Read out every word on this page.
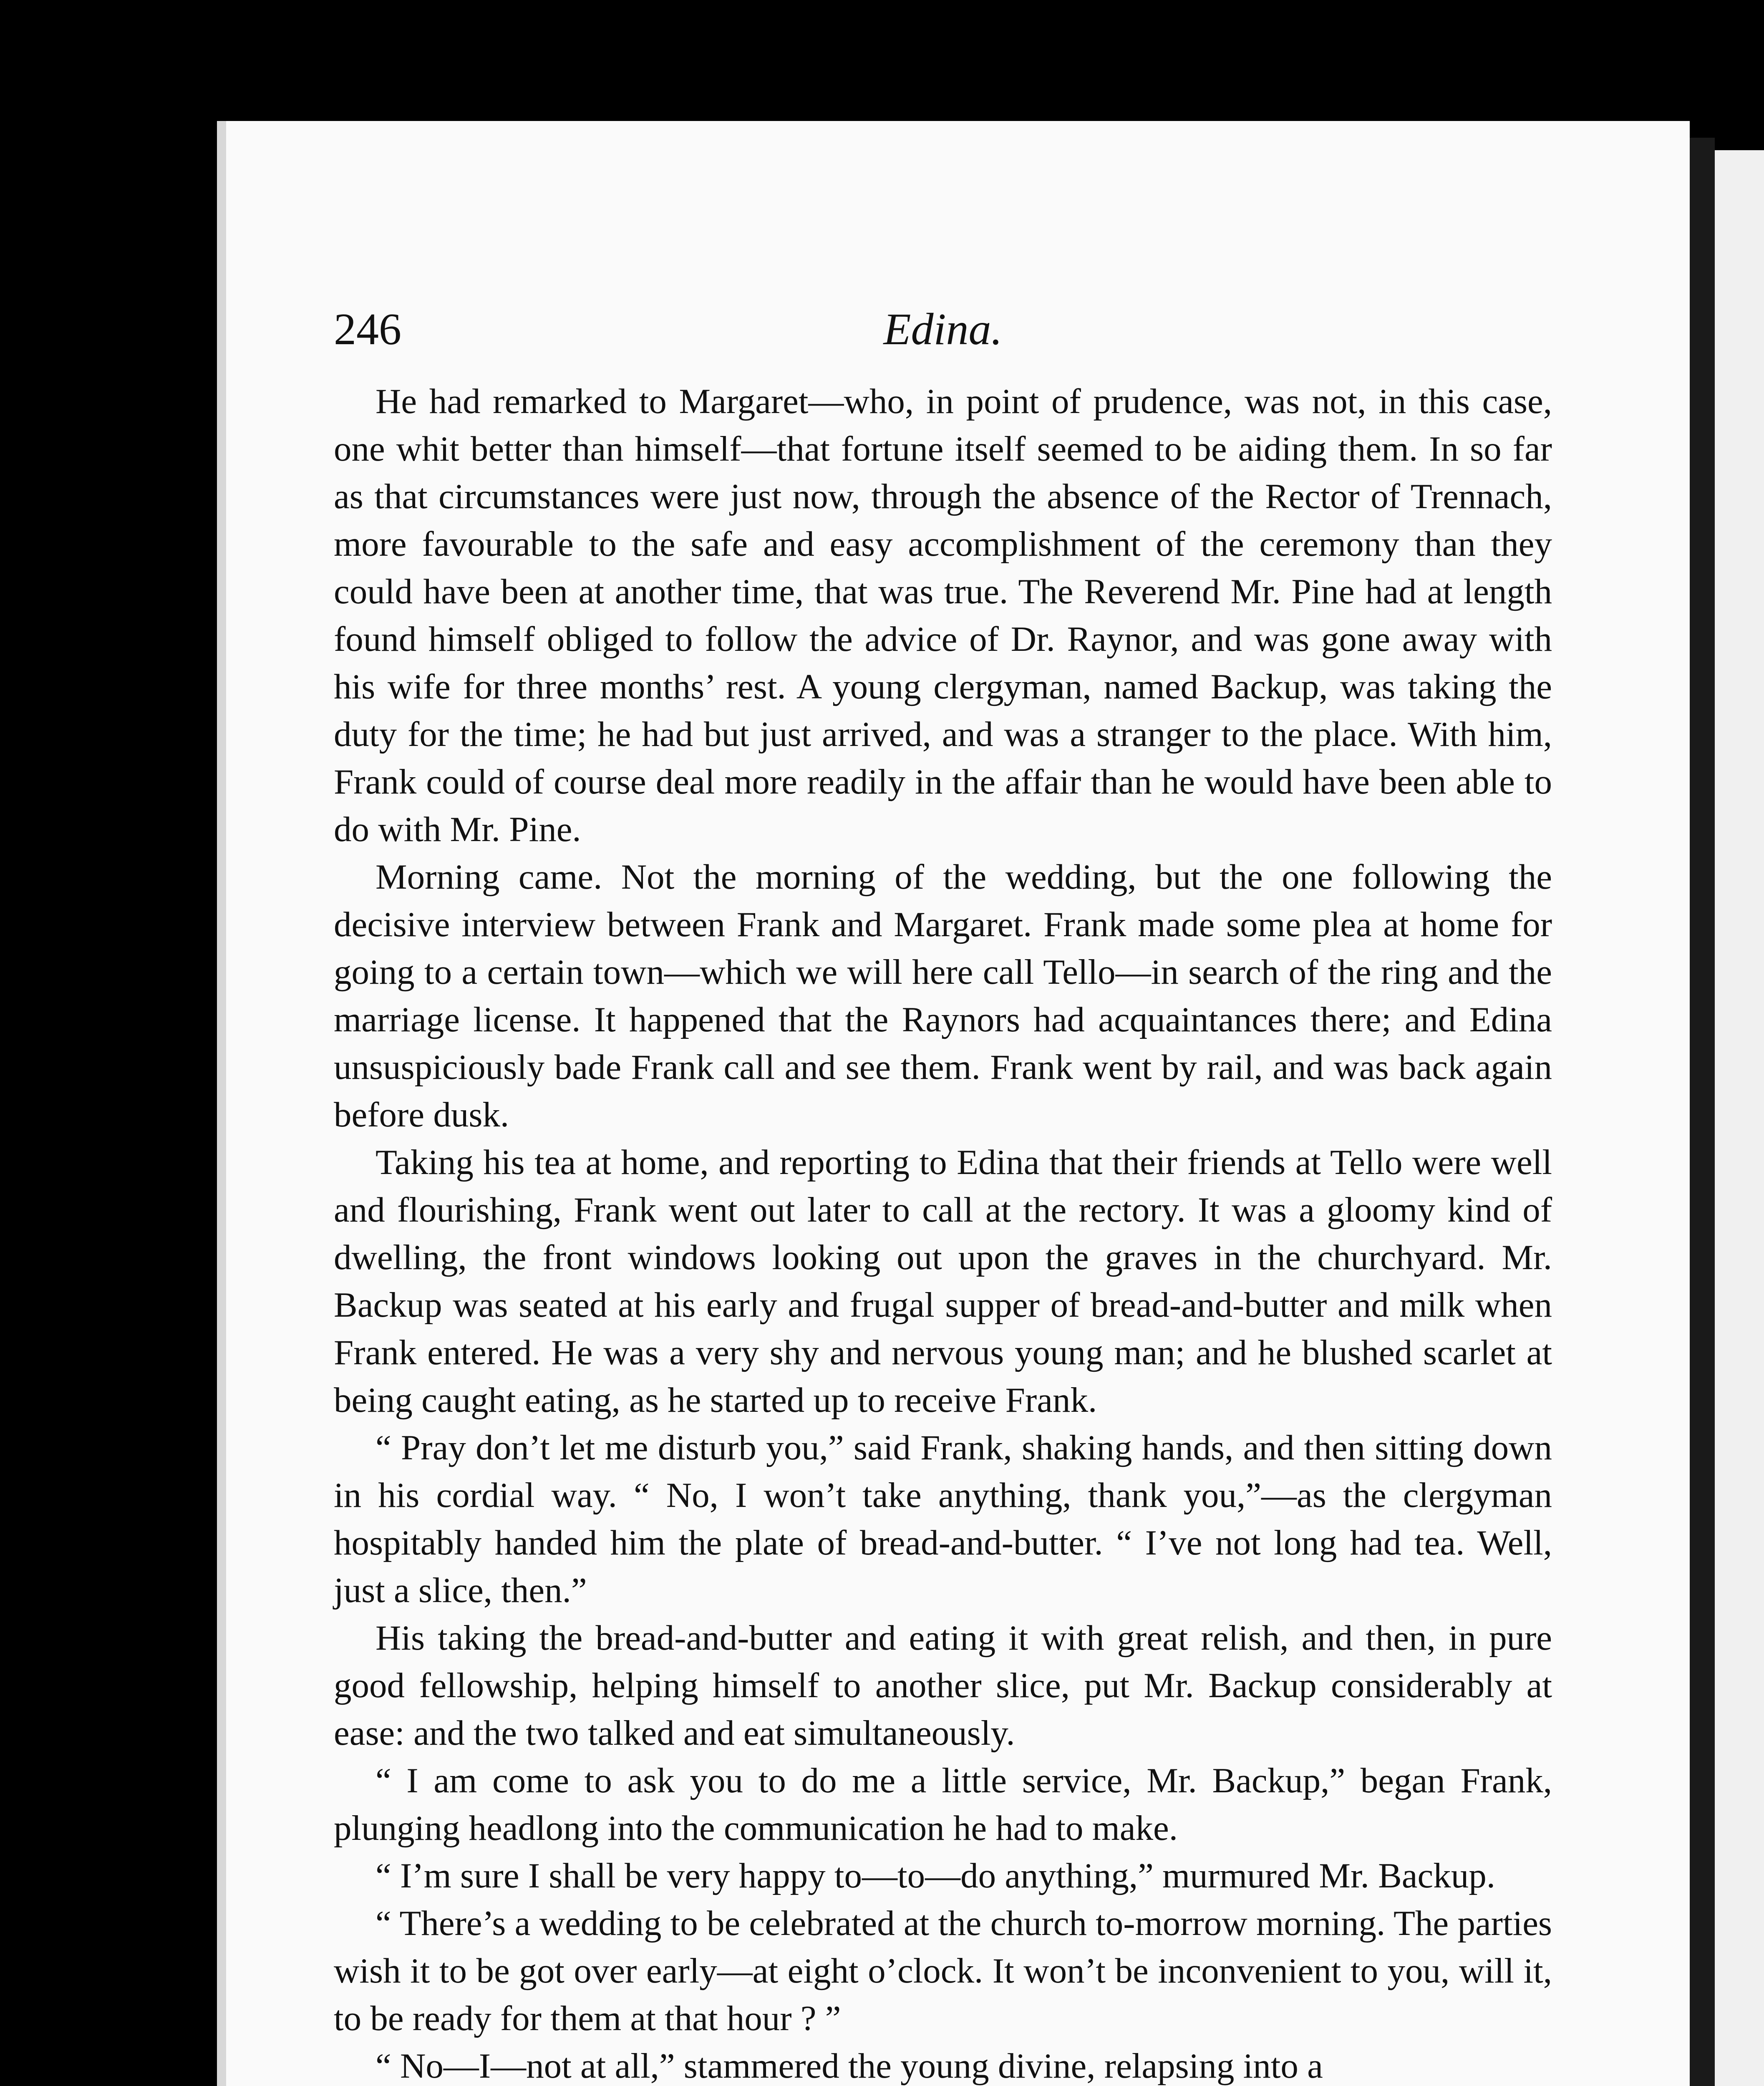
246	Edina.

He had remarked to Margaret—who, in point of prudence, was not, in this case, one whit better than himself—that fortune itself seemed to be aiding them. In so far as that circumstances were just now, through the absence of the Rector of Trennach, more favourable to the safe and easy accomplishment of the ceremony than they could have been at another time, that was true. The Reverend Mr. Pine had at length found himself obliged to follow the advice of Dr. Raynor, and was gone away with his wife for three months’ rest. A young clergyman, named Backup, was taking the duty for the time; he had but just arrived, and was a stranger to the place. With him, Frank could of course deal more readily in the affair than he would have been able to do with Mr. Pine.

Morning came. Not the morning of the wedding, but the one following the decisive interview between Frank and Margaret. Frank made some plea at home for going to a certain town—which we will here call Tello—in search of the ring and the marriage license. It happened that the Raynors had acquaintances there; and Edina unsuspiciously bade Frank call and see them. Frank went by rail, and was back again before dusk.

Taking his tea at home, and reporting to Edina that their friends at Tello were well and flourishing, Frank went out later to call at the rectory. It was a gloomy kind of dwelling, the front windows looking out upon the graves in the churchyard. Mr. Backup was seated at his early and frugal supper of bread-and-butter and milk when Frank entered. He was a very shy and nervous young man; and he blushed scarlet at being caught eating, as he started up to receive Frank.

“ Pray don’t let me disturb you,” said Frank, shaking hands, and then sitting down in his cordial way. “ No, I won’t take anything, thank you,”—as the clergyman hospitably handed him the plate of bread-and-butter. “ I’ve not long had tea. Well, just a slice, then.”

His taking the bread-and-butter and eating it with great relish, and then, in pure good fellowship, helping himself to another slice, put Mr. Backup considerably at ease: and the two talked and eat simultaneously.

“ I am come to ask you to do me a little service, Mr. Backup,” began Frank, plunging headlong into the communication he had to make.

“ I’m sure I shall be very happy to—to—do anything,” murmured Mr. Backup.

“ There’s a wedding to be celebrated at the church to-morrow morning. The parties wish it to be got over early—at eight o’clock. It won’t be inconvenient to you, will it, to be ready for them at that hour ? ”

“ No—I—not at all,” stammered the young divine, relapsing into a
